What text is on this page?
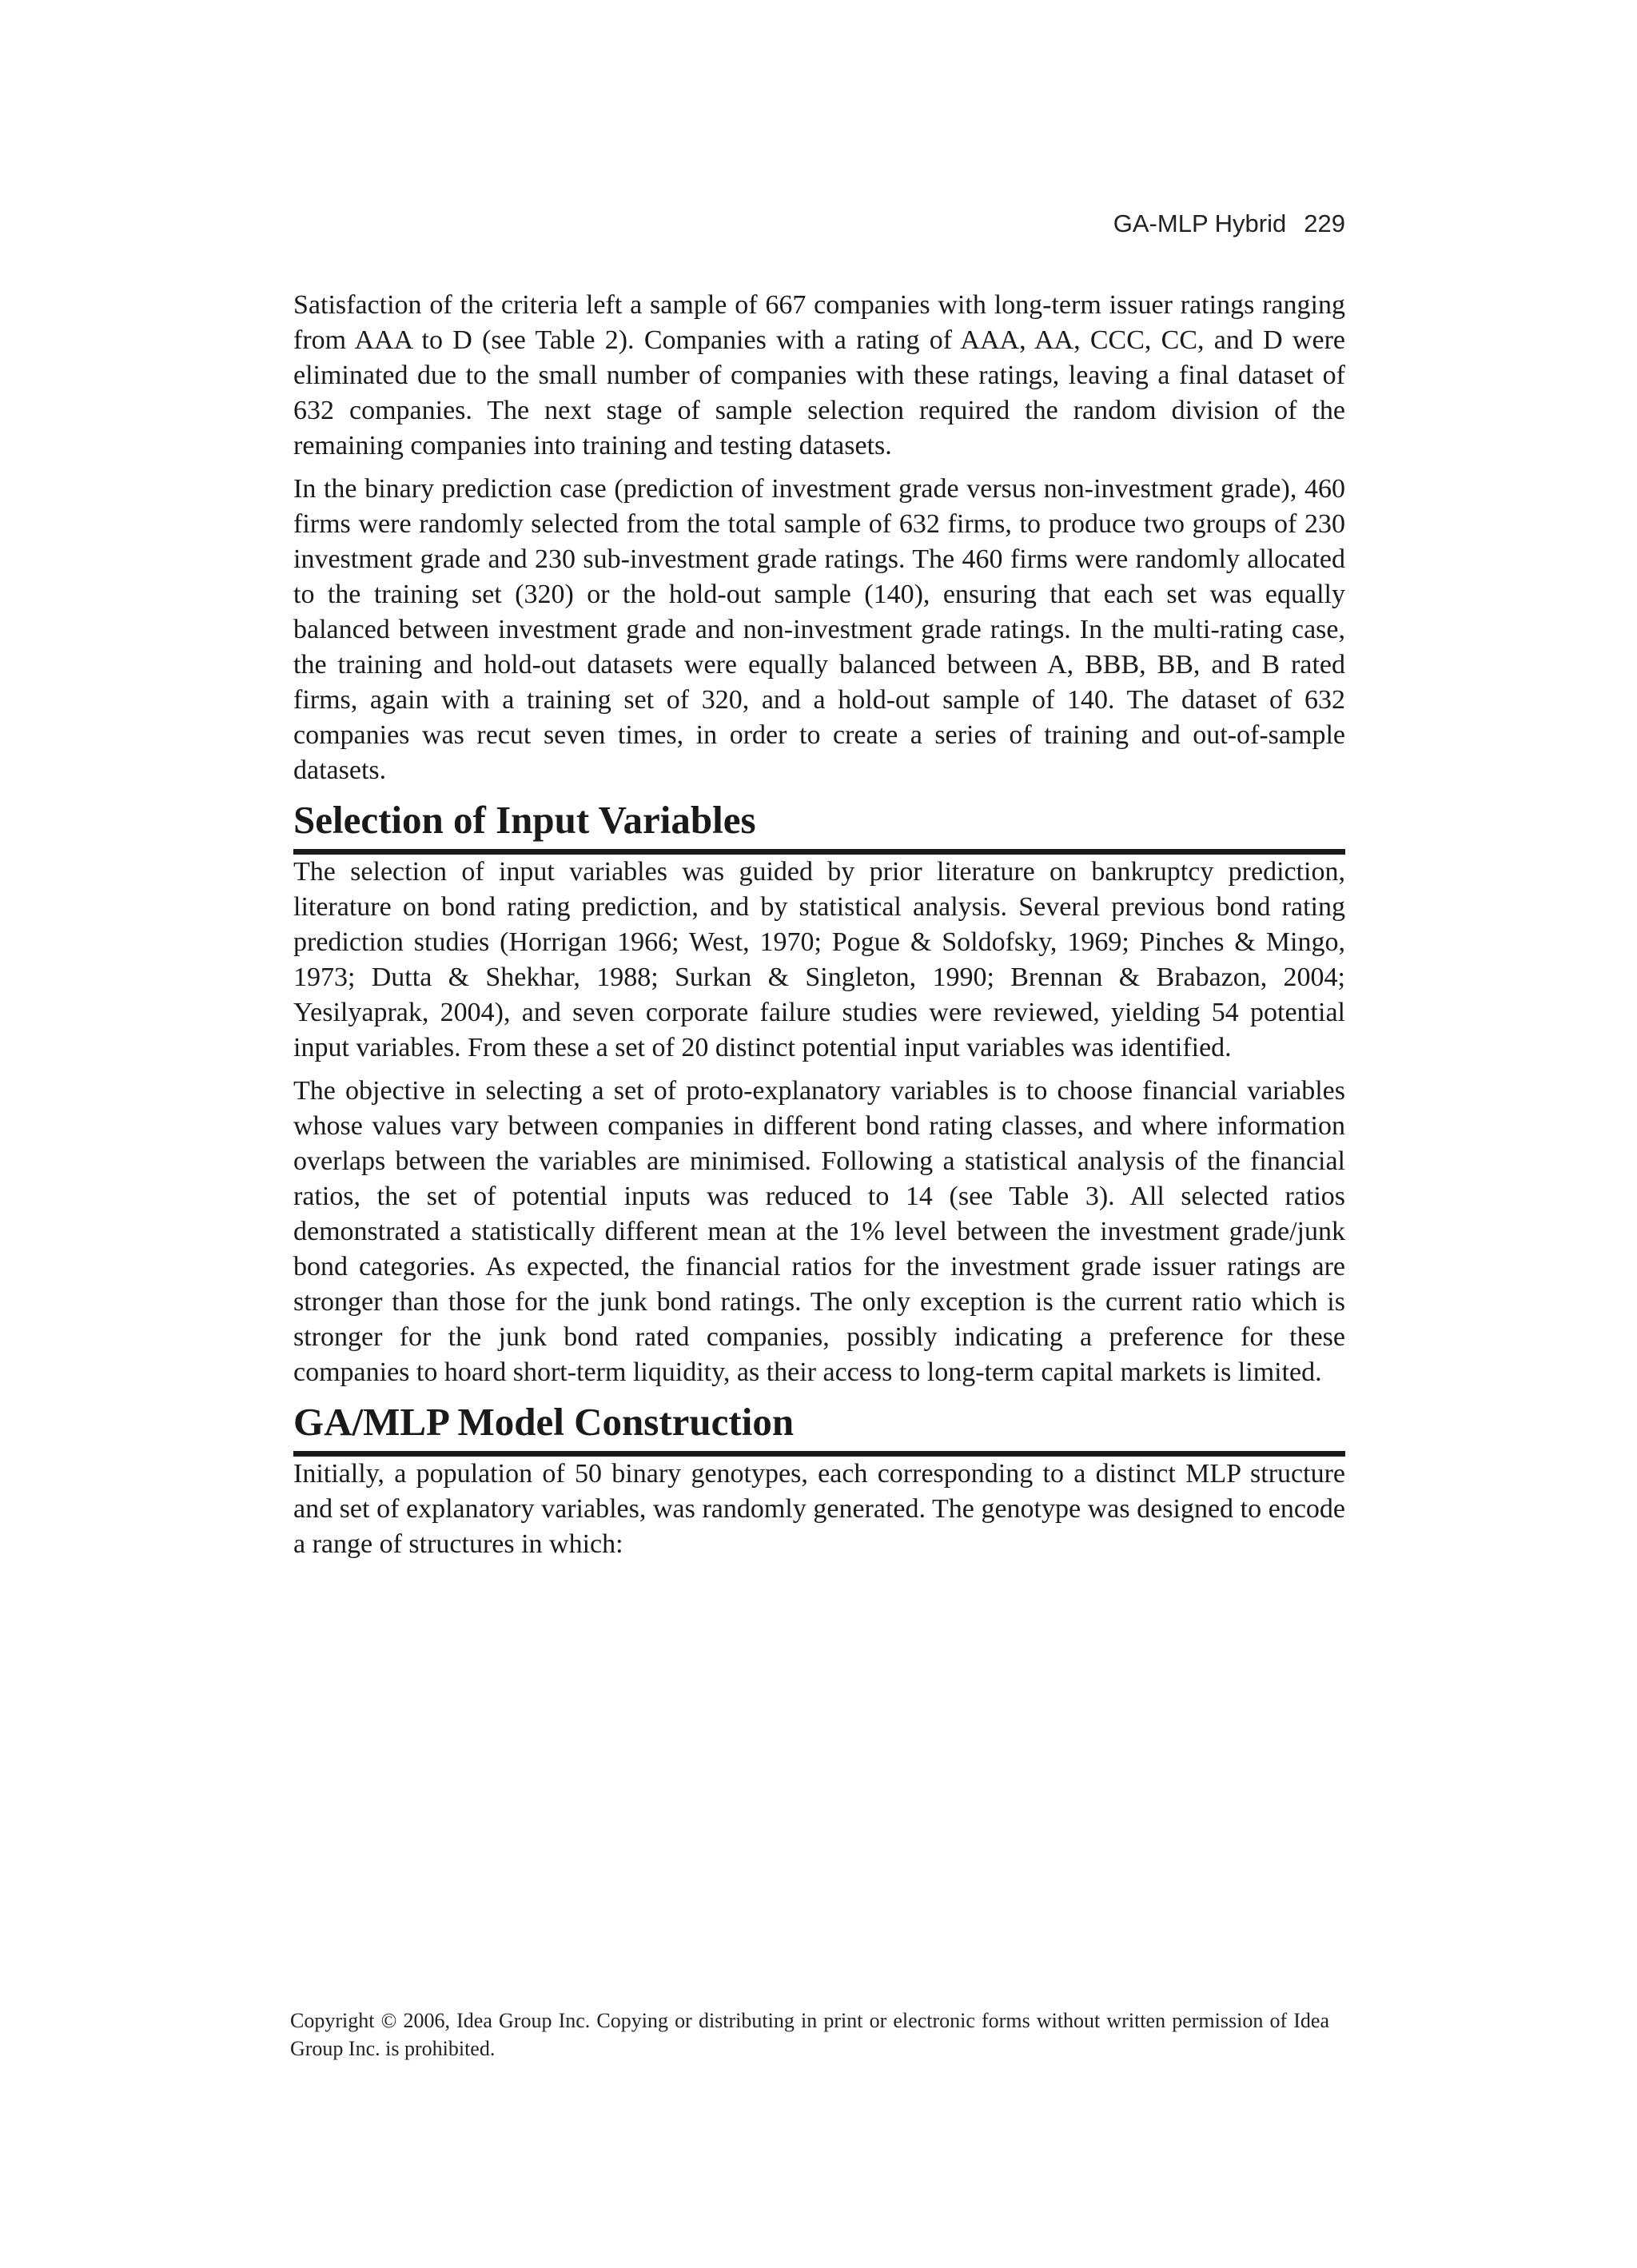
GA-MLP Hybrid 229

Satisfaction of the criteria left a sample of 667 companies with long-term issuer ratings ranging from AAA to D (see Table 2). Companies with a rating of AAA, AA, CCC, CC, and D were eliminated due to the small number of companies with these ratings, leaving a final dataset of 632 companies. The next stage of sample selection required the random division of the remaining companies into training and testing datasets.

In the binary prediction case (prediction of investment grade versus non-investment grade), 460 firms were randomly selected from the total sample of 632 firms, to produce two groups of 230 investment grade and 230 sub-investment grade ratings. The 460 firms were randomly allocated to the training set (320) or the hold-out sample (140), ensuring that each set was equally balanced between investment grade and non-investment grade ratings. In the multi-rating case, the training and hold-out datasets were equally balanced between A, BBB, BB, and B rated firms, again with a training set of 320, and a hold-out sample of 140. The dataset of 632 companies was recut seven times, in order to create a series of training and out-of-sample datasets.

Selection of Input Variables

The selection of input variables was guided by prior literature on bankruptcy prediction, literature on bond rating prediction, and by statistical analysis. Several previous bond rating prediction studies (Horrigan 1966; West, 1970; Pogue & Soldofsky, 1969; Pinches & Mingo, 1973; Dutta & Shekhar, 1988; Surkan & Singleton, 1990; Brennan & Brabazon, 2004; Yesilyaprak, 2004), and seven corporate failure studies were reviewed, yielding 54 potential input variables. From these a set of 20 distinct potential input variables was identified.

The objective in selecting a set of proto-explanatory variables is to choose financial variables whose values vary between companies in different bond rating classes, and where information overlaps between the variables are minimised. Following a statistical analysis of the financial ratios, the set of potential inputs was reduced to 14 (see Table 3). All selected ratios demonstrated a statistically different mean at the 1% level between the investment grade/junk bond categories. As expected, the financial ratios for the investment grade issuer ratings are stronger than those for the junk bond ratings. The only exception is the current ratio which is stronger for the junk bond rated companies, possibly indicating a preference for these companies to hoard short-term liquidity, as their access to long-term capital markets is limited.

GA/MLP Model Construction

Initially, a population of 50 binary genotypes, each corresponding to a distinct MLP structure and set of explanatory variables, was randomly generated. The genotype was designed to encode a range of structures in which:

Copyright © 2006, Idea Group Inc. Copying or distributing in print or electronic forms without written permission of Idea Group Inc. is prohibited.
